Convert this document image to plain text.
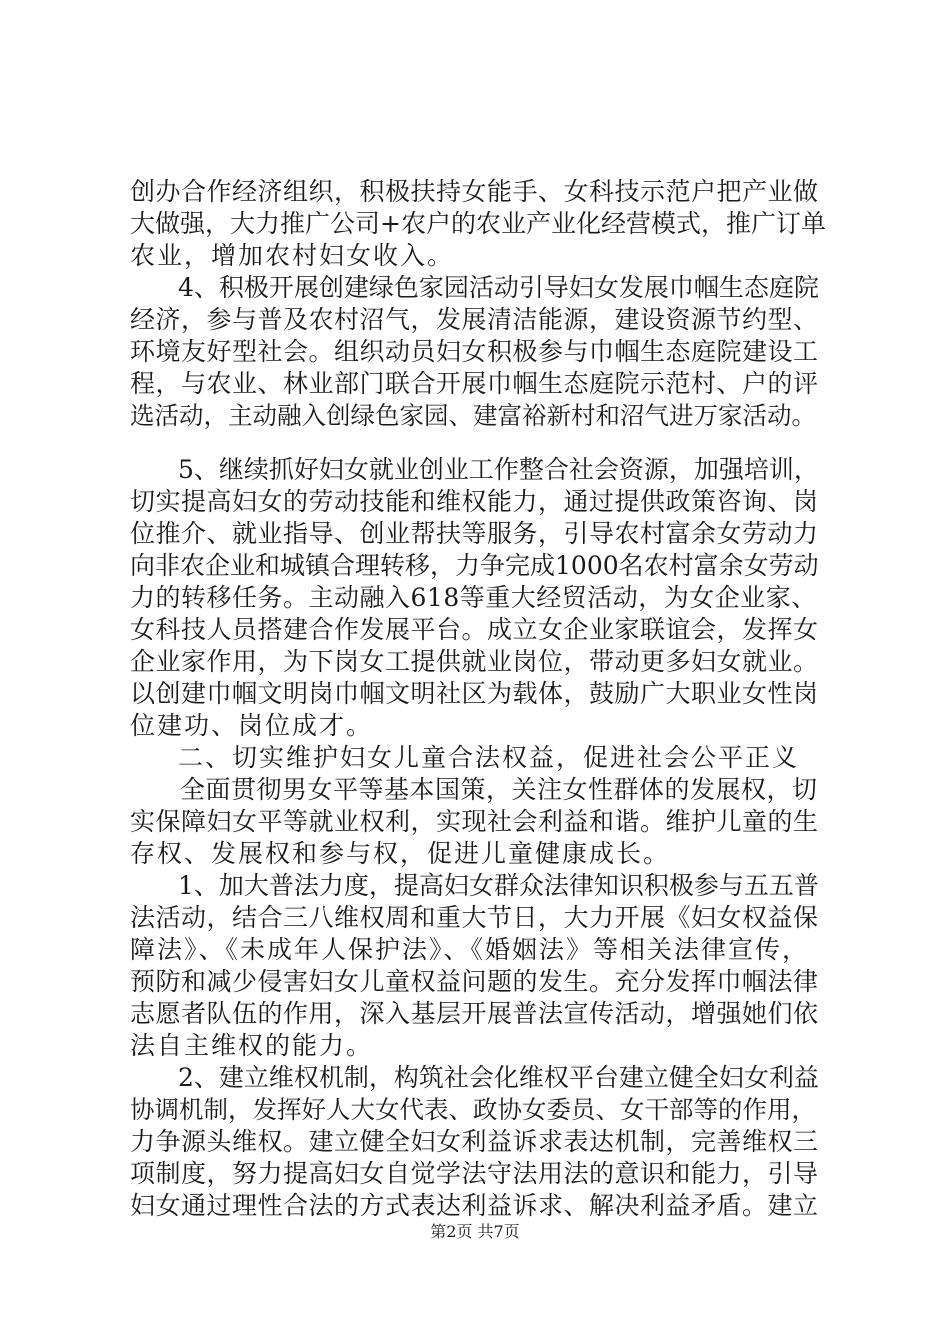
创办合作经济组织，积极扶持女能手、女科技示范户把产业做
大做强，大力推广公司+农户的农业产业化经营模式，推广订单
农业，增加农村妇女收入。
4、积极开展创建绿色家园活动引导妇女发展巾帼生态庭院
经济，参与普及农村沼气，发展清洁能源，建设资源节约型、
环境友好型社会。组织动员妇女积极参与巾帼生态庭院建设工
程，与农业、林业部门联合开展巾帼生态庭院示范村、户的评
选活动，主动融入创绿色家园、建富裕新村和沼气进万家活动。
5、继续抓好妇女就业创业工作整合社会资源，加强培训，
切实提高妇女的劳动技能和维权能力，通过提供政策咨询、岗
位推介、就业指导、创业帮扶等服务，引导农村富余女劳动力
向非农企业和城镇合理转移，力争完成1000名农村富余女劳动
力的转移任务。主动融入618等重大经贸活动，为女企业家、
女科技人员搭建合作发展平台。成立女企业家联谊会，发挥女
企业家作用，为下岗女工提供就业岗位，带动更多妇女就业。
以创建巾帼文明岗巾帼文明社区为载体，鼓励广大职业女性岗
位建功、岗位成才。
二、切实维护妇女儿童合法权益，促进社会公平正义
全面贯彻男女平等基本国策，关注女性群体的发展权，切
实保障妇女平等就业权利，实现社会利益和谐。维护儿童的生
存权、发展权和参与权，促进儿童健康成长。
1、加大普法力度，提高妇女群众法律知识积极参与五五普
法活动，结合三八维权周和重大节日，大力开展《妇女权益保
障法》、《未成年人保护法》、《婚姻法》等相关法律宣传，
预防和减少侵害妇女儿童权益问题的发生。充分发挥巾帼法律
志愿者队伍的作用，深入基层开展普法宣传活动，增强她们依
法自主维权的能力。
2、建立维权机制，构筑社会化维权平台建立健全妇女利益
协调机制，发挥好人大女代表、政协女委员、女干部等的作用，
力争源头维权。建立健全妇女利益诉求表达机制，完善维权三
项制度，努力提高妇女自觉学法守法用法的意识和能力，引导
妇女通过理性合法的方式表达利益诉求、解决利益矛盾。建立
第2页 共7页
